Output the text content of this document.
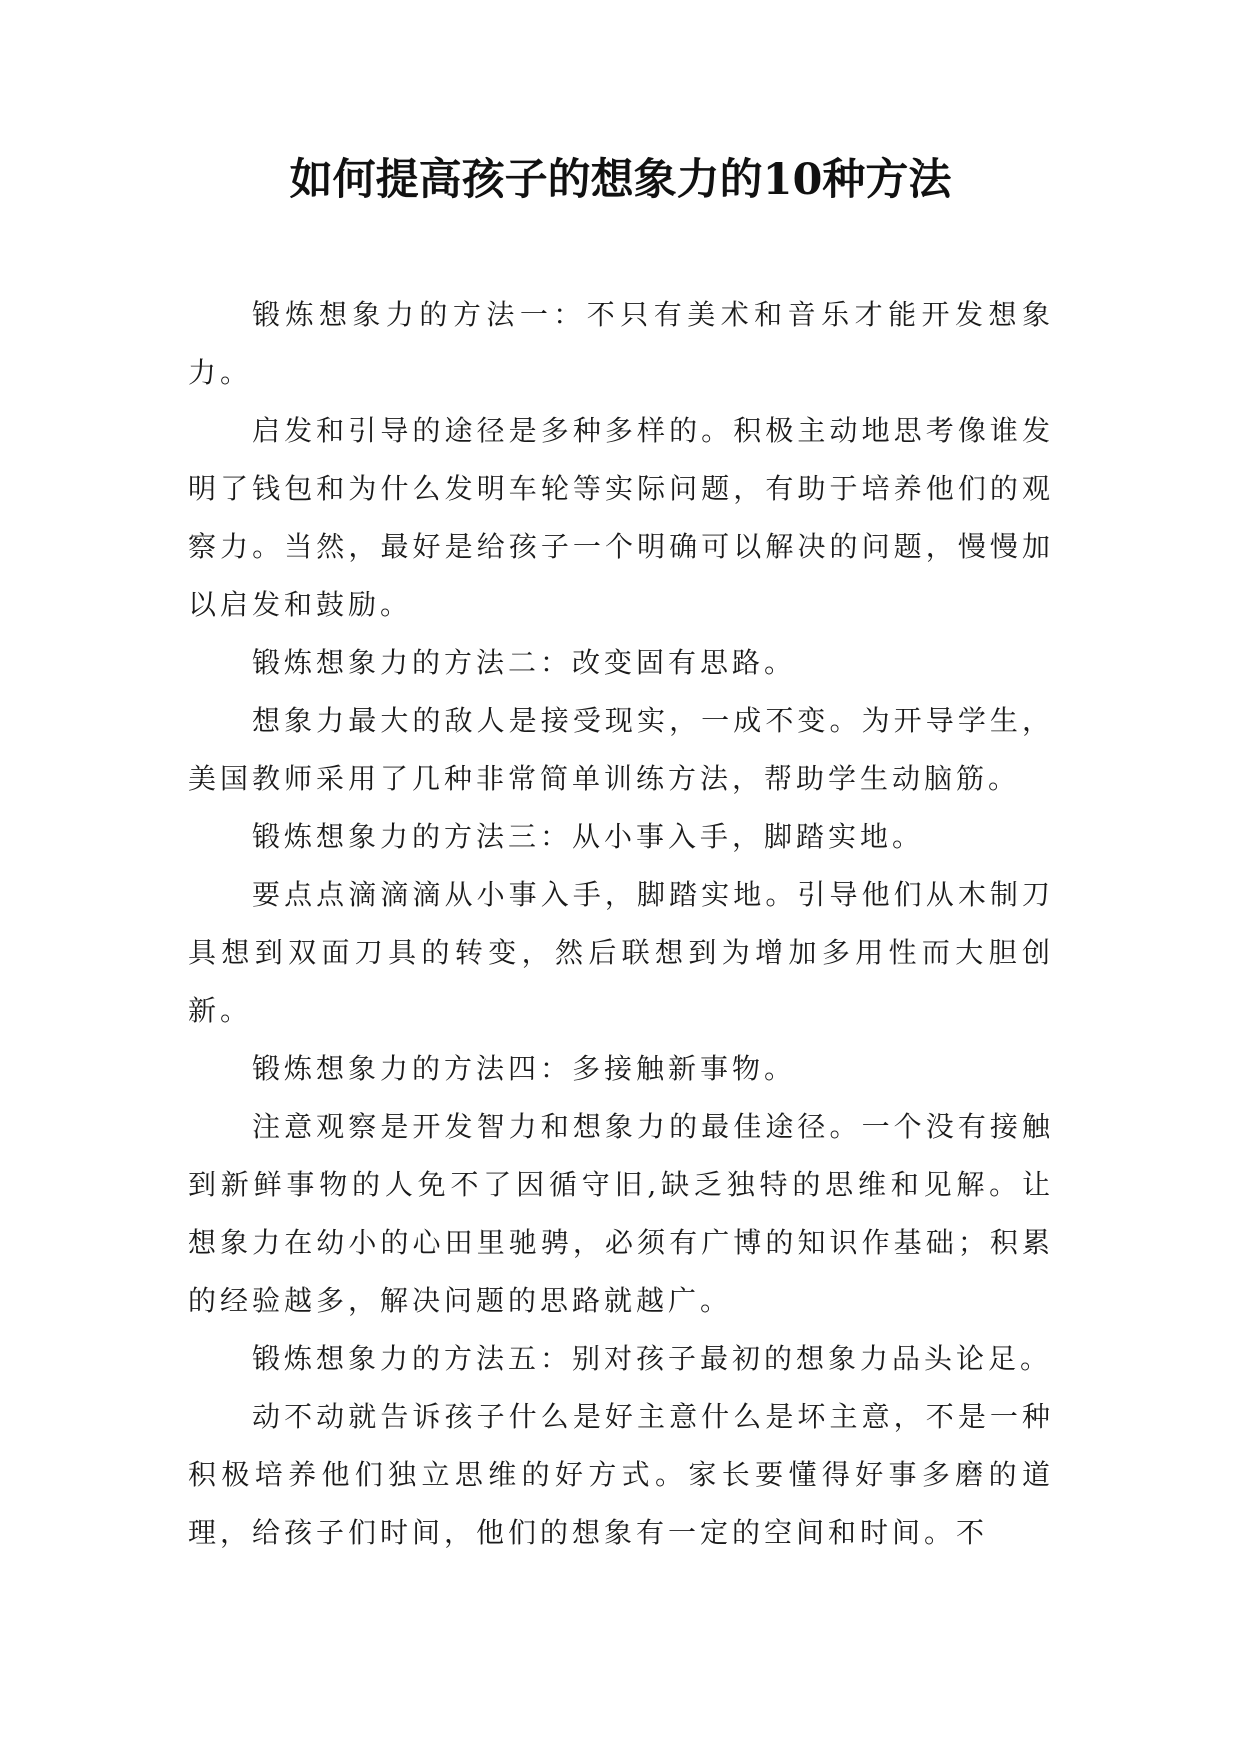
如何提高孩子的想象力的10种方法

锻炼想象力的方法一：不只有美术和音乐才能开发想象力。

启发和引导的途径是多种多样的。积极主动地思考像谁发明了钱包和为什么发明车轮等实际问题，有助于培养他们的观察力。当然，最好是给孩子一个明确可以解决的问题，慢慢加以启发和鼓励。

锻炼想象力的方法二：改变固有思路。

想象力最大的敌人是接受现实，一成不变。为开导学生，美国教师采用了几种非常简单训练方法，帮助学生动脑筋。

锻炼想象力的方法三：从小事入手，脚踏实地。

要点点滴滴滴从小事入手，脚踏实地。引导他们从木制刀具想到双面刀具的转变，然后联想到为增加多用性而大胆创新。

锻炼想象力的方法四：多接触新事物。

注意观察是开发智力和想象力的最佳途径。一个没有接触到新鲜事物的人免不了因循守旧,缺乏独特的思维和见解。让想象力在幼小的心田里驰骋，必须有广博的知识作基础；积累的经验越多，解决问题的思路就越广。

锻炼想象力的方法五：别对孩子最初的想象力品头论足。

动不动就告诉孩子什么是好主意什么是坏主意，不是一种积极培养他们独立思维的好方式。家长要懂得好事多磨的道理，给孩子们时间，他们的想象有一定的空间和时间。不
